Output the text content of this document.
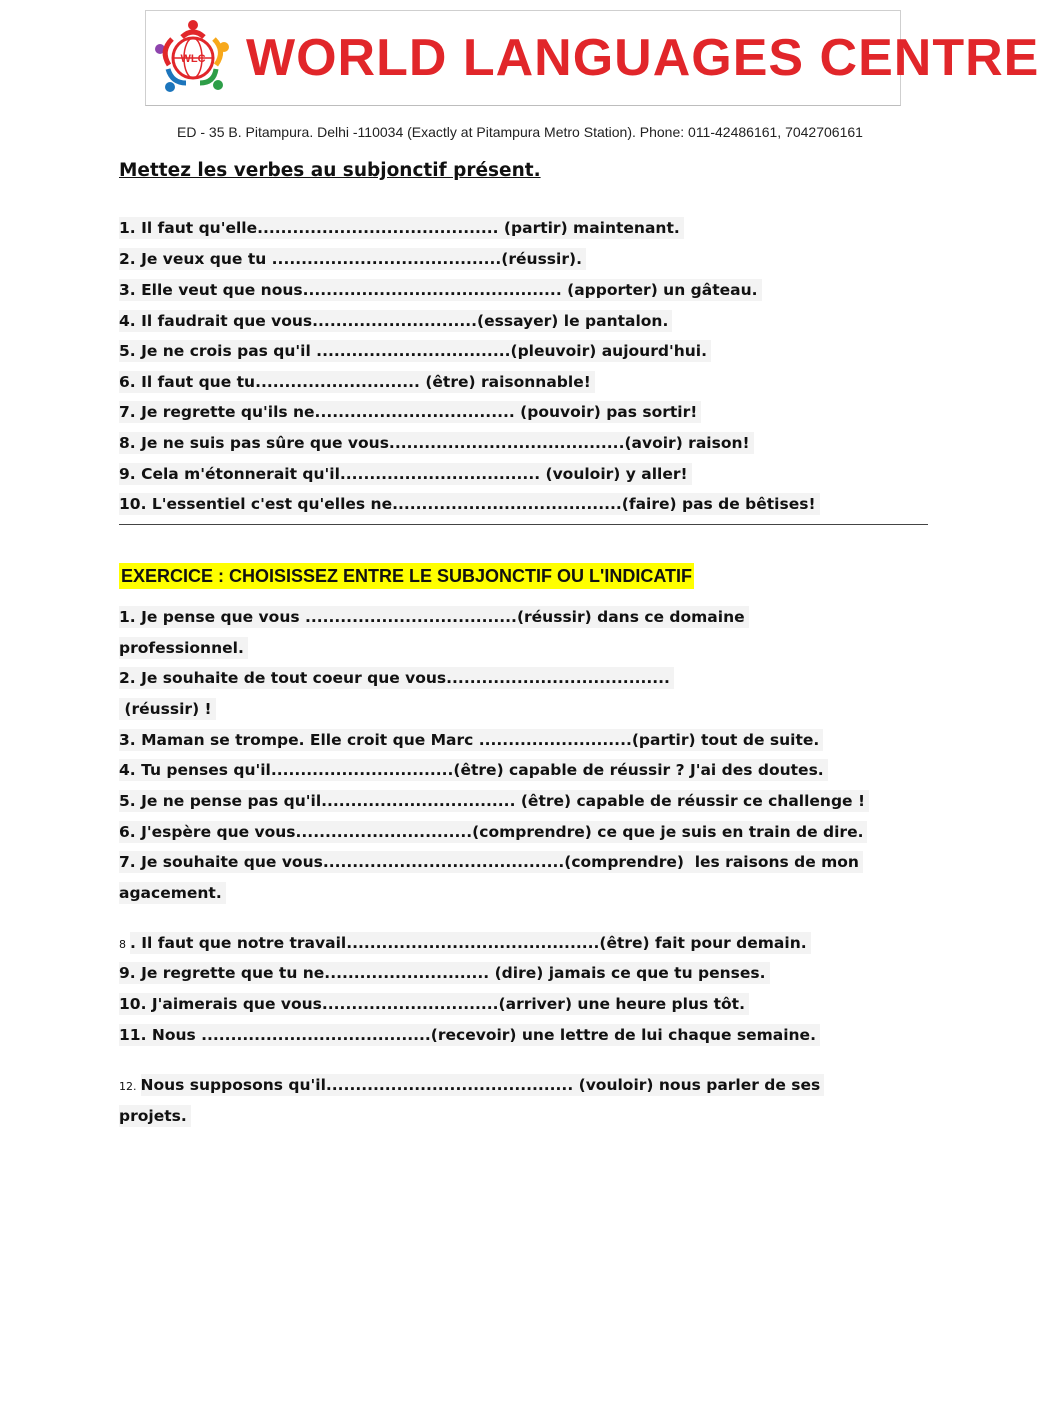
WLC WORLD LANGUAGES CENTRE
ED - 35 B. Pitampura. Delhi -110034 (Exactly at Pitampura Metro Station). Phone: 011-42486161, 7042706161
Mettez les verbes au subjonctif présent.
1. Il faut qu'elle......................................... (partir) maintenant.
2. Je veux que tu .......................................(réussir).
3. Elle veut que nous............................................ (apporter) un gâteau.
4. Il faudrait que vous............................(essayer) le pantalon.
5. Je ne crois pas qu'il .................................(pleuvoir) aujourd'hui.
6. Il faut que tu............................ (être) raisonnable!
7. Je regrette qu'ils ne.................................. (pouvoir) pas sortir!
8. Je ne suis pas sûre que vous........................................(avoir) raison!
9. Cela m'étonnerait qu'il.................................. (vouloir) y aller!
10. L'essentiel c'est qu'elles ne.......................................(faire) pas de bêtises!
EXERCICE : CHOISISSEZ ENTRE LE SUBJONCTIF OU L'INDICATIF
1. Je pense que vous ....................................(réussir) dans ce domaine
professionnel.
2. Je souhaite de tout coeur que vous......................................
(réussir) !
3. Maman se trompe. Elle croit que Marc ..........................(partir) tout de suite.
4. Tu penses qu'il...............................(être) capable de réussir ? J'ai des doutes.
5. Je ne pense pas qu'il................................. (être) capable de réussir ce challenge !
6. J'espère que vous..............................(comprendre) ce que je suis en train de dire.
7. Je souhaite que vous.........................................(comprendre)  les raisons de mon
agacement.
8 . Il faut que notre travail...........................................(être) fait pour demain.
9. Je regrette que tu ne............................ (dire) jamais ce que tu penses.
10. J'aimerais que vous..............................(arriver) une heure plus tôt.
11. Nous .......................................(recevoir) une lettre de lui chaque semaine.
12. Nous supposons qu'il.......................................... (vouloir) nous parler de ses
projets.
